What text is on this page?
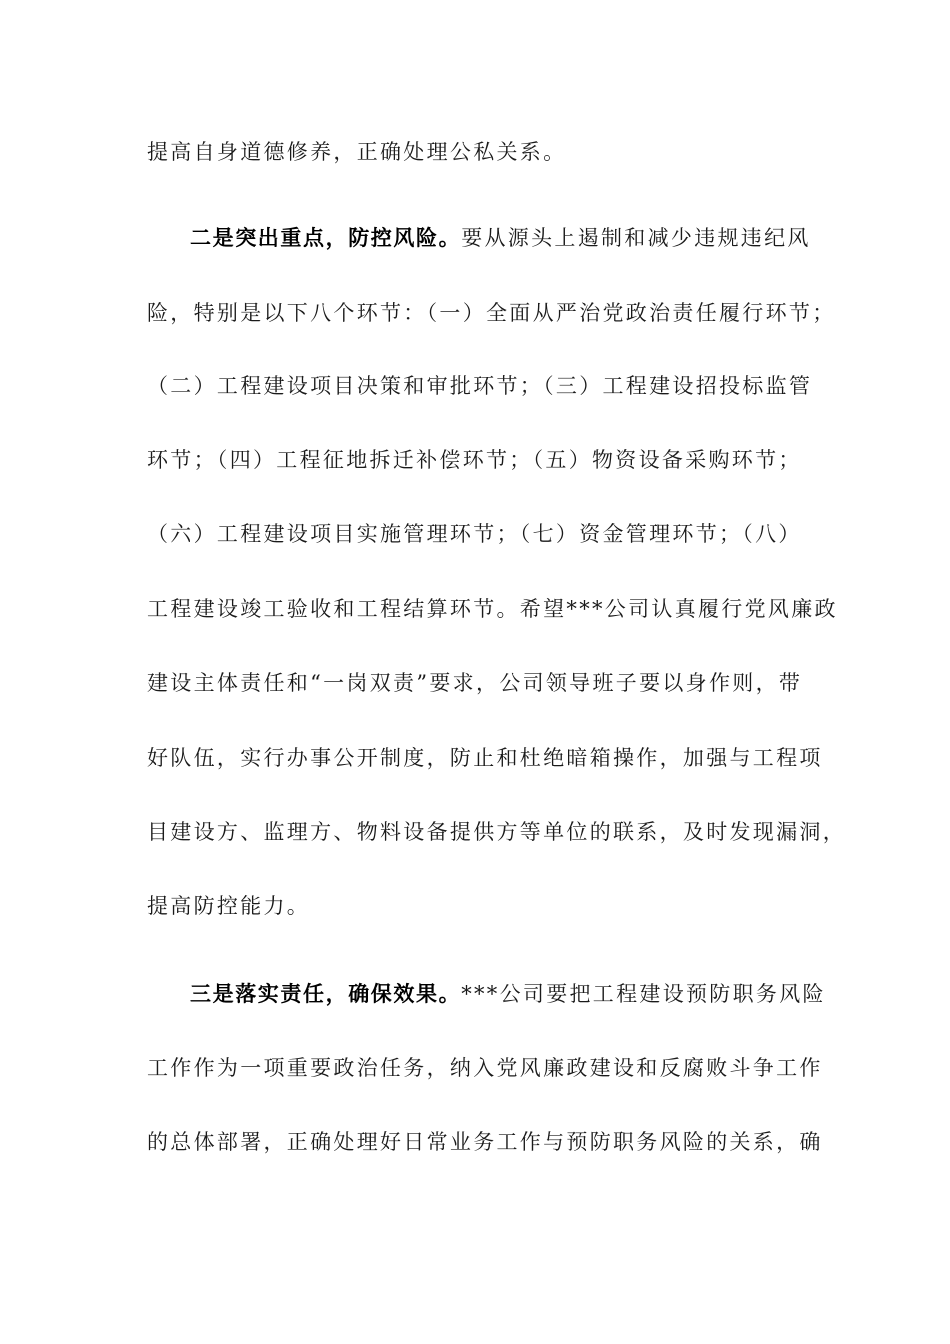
提高自身道德修养，正确处理公私关系。
二是突出重点，防控风险。要从源头上遏制和减少违规违纪风
险，特别是以下八个环节：（一）全面从严治党政治责任履行环节；
（二）工程建设项目决策和审批环节；（三）工程建设招投标监管
环节；（四）工程征地拆迁补偿环节；（五）物资设备采购环节；
（六）工程建设项目实施管理环节；（七）资金管理环节；（八）
工程建设竣工验收和工程结算环节。希望***公司认真履行党风廉政
建设主体责任和“一岗双责”要求，公司领导班子要以身作则，带
好队伍，实行办事公开制度，防止和杜绝暗箱操作，加强与工程项
目建设方、监理方、物料设备提供方等单位的联系，及时发现漏洞，
提高防控能力。
三是落实责任，确保效果。***公司要把工程建设预防职务风险
工作作为一项重要政治任务，纳入党风廉政建设和反腐败斗争工作
的总体部署，正确处理好日常业务工作与预防职务风险的关系，确
